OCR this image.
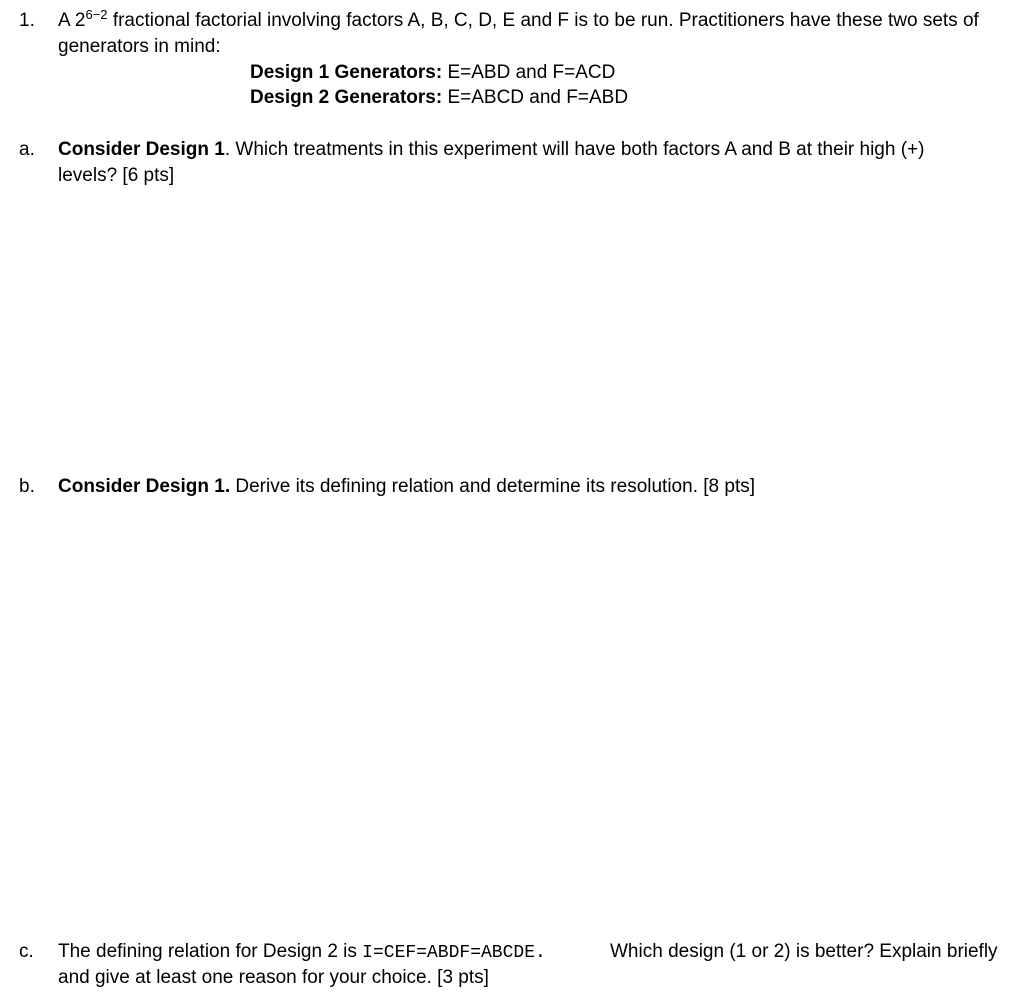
1. A $2^{6-2}$ fractional factorial involving factors A, B, C, D, E and F is to be run. Practitioners have these two sets of
generators in mind:
Design 1 Generators: E=ABD and F=ACD
Design 2 Generators: E=ABCD and F=ABD
a. Consider Design 1. Which treatments in this experiment will have both factors A and B at their high (+)
levels? [6 pts]
b. Consider Design 1. Derive its defining relation and determine its resolution. [8 pts]
c. The defining relation for Design 2 is I=CEF=ABDF=ABCDE.	Which design (1 or 2) is better? Explain briefly
and give at least one reason for your choice. [3 pts]
